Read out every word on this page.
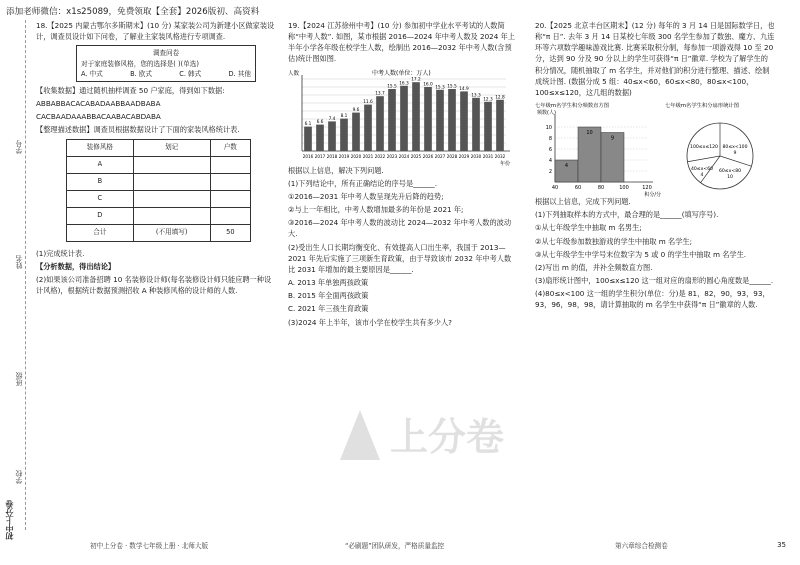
添加老师微信：x1s25089，免费领取【全套】2026版初、高资料
学号
姓名
班级
学校
初中上分卷

18.【2025 内蒙古鄂尔多斯期末】(10 分) 某家装公司为新建小区做家装设计，调查员设计如下问卷，了解业主家装风格进行专项调查.

调查问卷
对于家庭装修风格，您的选择是( )(单选)
A. 中式	B. 欧式	C. 韩式	D. 其他

【收集数据】通过随机抽样调查 50 户家庭，得到如下数据:

ABBABBACACABADAABBAADBABA

CACBAADAAABBACAABACABDABA

【整理描述数据】调查员根据数据设计了下面的家装风格统计表.

装修风格	划记	户数
A		
B		
C		
D		
合计	(不用填写)	50

(1)完成统计表.

【分析数据，得出结论】

(2)如果该公司准备招聘 10 名装修设计师(每名装修设计师只能应聘一种设计风格)，根据统计数据预测招收 A 种装修风格的设计师的人数.

19.【2024 江苏徐州中考】(10 分) 参加初中学业水平考试的人数简称“中考人数”. 如图，某市根据 2016—2024 年中考人数及 2024 年上半年小学各年级在校学生人数，绘制出 2016—2032 年中考人数(含预估)统计图如图.

中考人数(单位：万人)
人数
6.1
2016
6.6
2017
7.4
2018
8.1
2019
9.6
2020
11.6
2021
13.7
2022
15.5
2023
16.3
2024
17.2
2025
16.0
2026
15.3
2027
15.5
2028
14.9
2029
13.3
2030
12.3
2031
12.8
2032
年份

根据以上信息，解决下列问题.

(1)下列结论中，所有正确结论的序号是______.

①2016—2031 年中考人数呈现先升后降的趋势;

②与上一年相比，中考人数增加最多的年份是 2021 年;

③2016—2024 年中考人数的波动比 2024—2032 年中考人数的波动大.

(2)受出生人口长期均衡变化、有效提高人口出生率，我国于 2013—2021 年先后实施了三项新生育政策，由于导致该市 2032 年中考人数比 2031 年增加的最主要原因是______.

A. 2013 年单独两孩政策

B. 2015 年全面两孩政策

C. 2021 年三孩生育政策

(3)2024 年上半年，该市小学在校学生共有多少人?

20.【2025 北京丰台区期末】(12 分) 每年的 3 月 14 日是国际数学日，也称“π 日”. 去年 3 月 14 日某校七年级 300 名学生参加了数独、魔方、九连环等六项数学趣味游戏比赛. 比赛采取积分制，每参加一项游戏得 10 至 20 分，达到 90 分及 90 分以上的学生可获得“π 日”徽章. 学校为了解学生的积分情况，随机抽取了 m 名学生，并对他们的积分进行整理、描述、绘制成统计图. (数据分成 5 组：40≤x<60，60≤x<80，80≤x<100，100≤x≤120，这几组的数据)

七年级m名学生积分频数直方图
频数(人)
2
4
6
8
10
4
10
9
40	60	80	100	120
积分/分
七年级m名学生积分扇形统计图
80≤x<100
9
60≤x<80
10
40≤x<60
4
100≤x≤120

根据以上信息，完成下列问题.

(1)下列抽取样本的方式中，最合理的是______(填写序号).

①从七年级学生中抽取 m 名男生;

②从七年级参加数独游戏的学生中抽取 m 名学生;

③从七年级学生中学号末位数字为 5 或 0 的学生中抽取 m 名学生.

(2)写出 m 的值，并补全频数直方图.

(3)扇形统计图中，100≤x≤120 这一组对应的扇形的圆心角度数是______.

(4)80≤x<100 这一组的学生积分(单位：分)是 81，82，90，93，93，93，96，98，98，请计算抽取的 m 名学生中获得“π 日”徽章的人数.

上分卷
初中上分卷 · 数学七年级上册 · 北师大版	“必刷题”团队研发，严格质量监控	第六章综合检测卷	35
